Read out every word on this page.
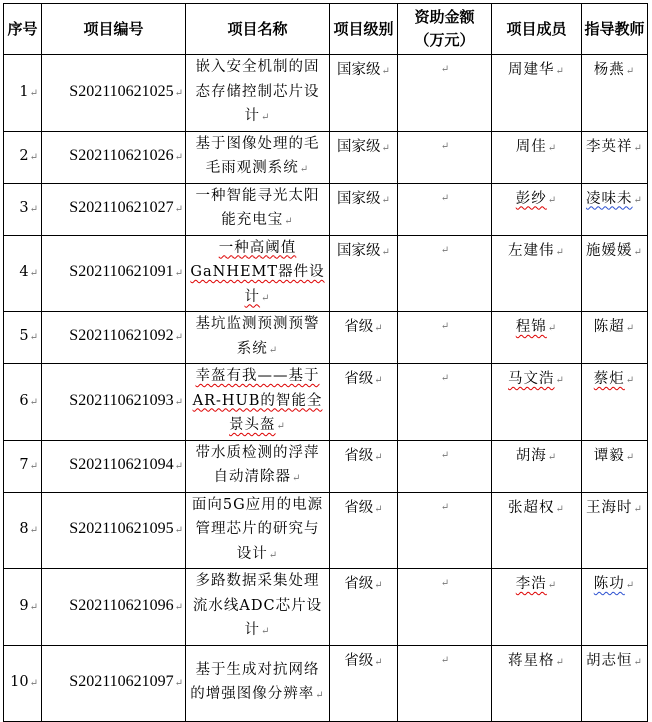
序号	项目编号	项目名称	项目级别	资助金额（万元）	项目成员	指导教师
1↵	S202110621025↵	嵌入安全机制的固态存储控制芯片设计↵	国家级↵	↵	周建华↵	杨燕↵
2↵	S202110621026↵	基于图像处理的毛毛雨观测系统↵	国家级↵	↵	周佳↵	李英祥↵
3↵	S202110621027↵	一种智能寻光太阳能充电宝↵	国家级↵	↵	彭纱↵	凌味未↵
4↵	S202110621091↵	一种高阈值GaNHEMT器件设计↵	国家级↵	↵	左建伟↵	施媛媛↵
5↵	S202110621092↵	基坑监测预测预警系统↵	省级↵	↵	程锦↵	陈超↵
6↵	S202110621093↵	幸盔有我——基于AR-HUB的智能全景头盔↵	省级↵	↵	马文浩↵	蔡炬↵
7↵	S202110621094↵	带水质检测的浮萍自动清除器↵	省级↵	↵	胡海↵	谭毅↵
8↵	S202110621095↵	面向5G应用的电源管理芯片的研究与设计↵	省级↵	↵	张超权↵	王海时↵
9↵	S202110621096↵	多路数据采集处理流水线ADC芯片设计↵	省级↵	↵	李浩↵	陈功↵
10↵	S202110621097↵	基于生成对抗网络的增强图像分辨率↵	省级↵	↵	蒋星格↵	胡志恒↵
